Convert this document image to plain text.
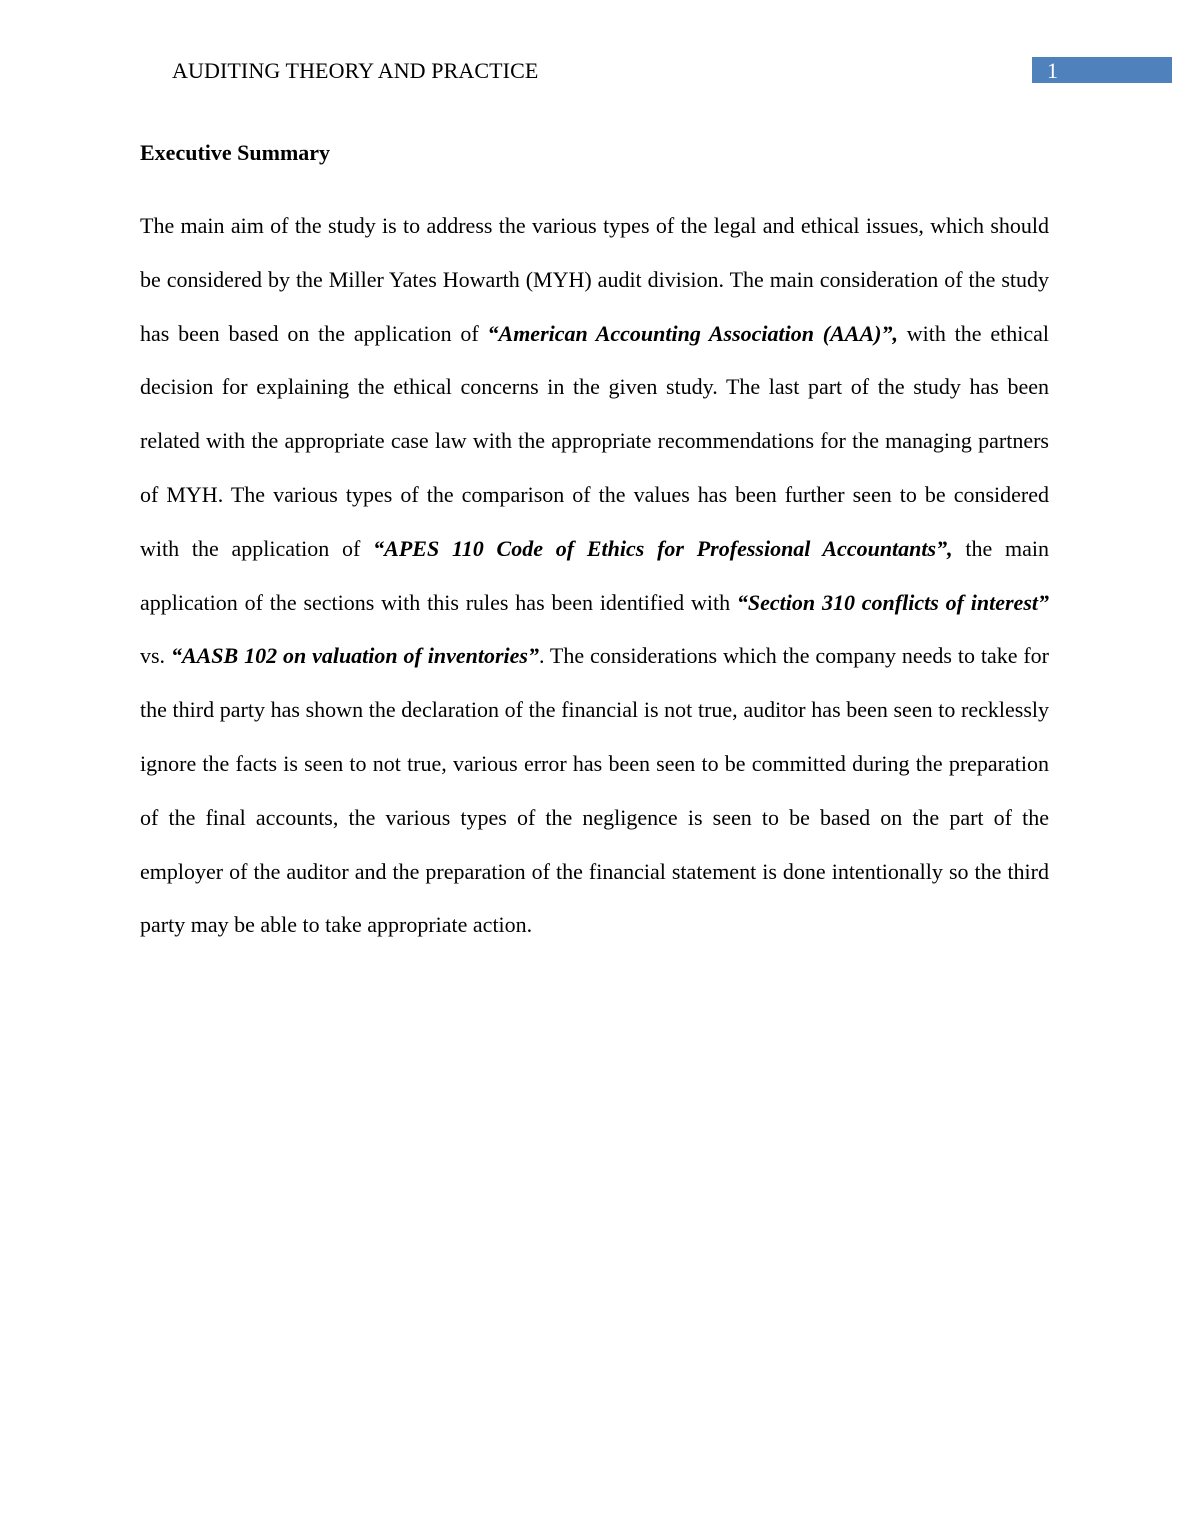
AUDITING THEORY AND PRACTICE	1
Executive Summary

The main aim of the study is to address the various types of the legal and ethical issues, which should be considered by the Miller Yates Howarth (MYH) audit division. The main consideration of the study has been based on the application of “American Accounting Association (AAA)”, with the ethical decision for explaining the ethical concerns in the given study. The last part of the study has been related with the appropriate case law with the appropriate recommendations for the managing partners of MYH. The various types of the comparison of the values has been further seen to be considered with the application of “APES 110 Code of Ethics for Professional Accountants”, the main application of the sections with this rules has been identified with “Section 310 conflicts of interest” vs. “AASB 102 on valuation of inventories”. The considerations which the company needs to take for the third party has shown the declaration of the financial is not true, auditor has been seen to recklessly ignore the facts is seen to not true, various error has been seen to be committed during the preparation of the final accounts, the various types of the negligence is seen to be based on the part of the employer of the auditor and the preparation of the financial statement is done intentionally so the third party may be able to take appropriate action.
